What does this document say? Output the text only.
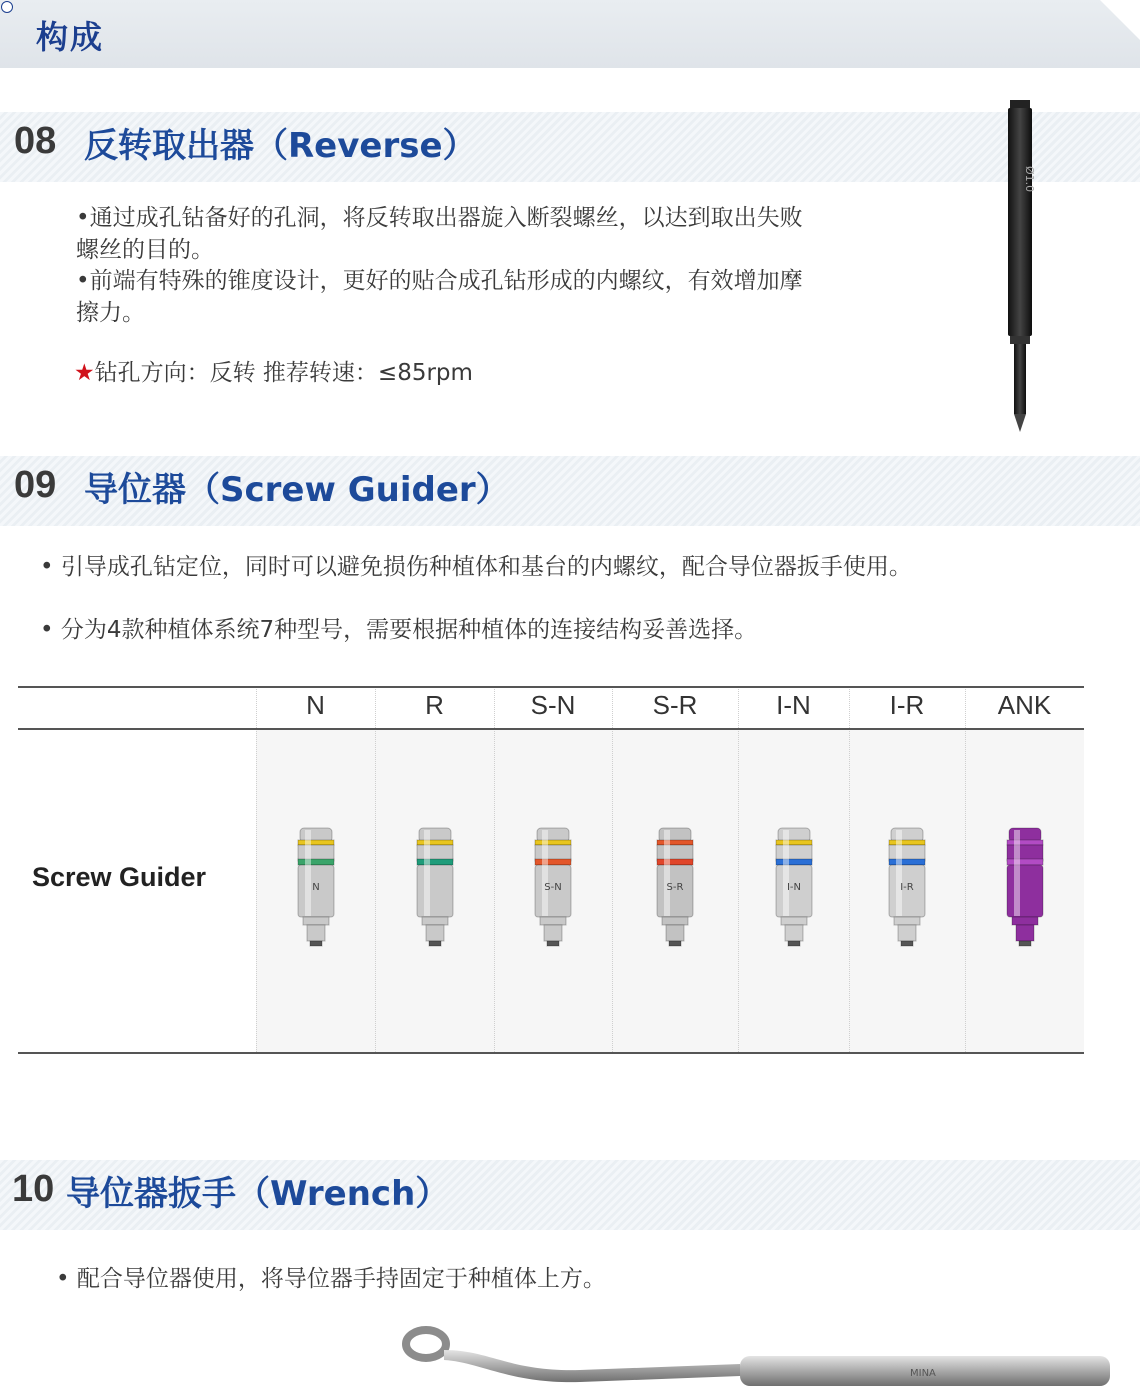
构成
08 反转取出器（Reverse）
•通过成孔钻备好的孔洞，将反转取出器旋入断裂螺丝，以达到取出失败
螺丝的目的。
•前端有特殊的锥度设计，更好的贴合成孔钻形成的内螺纹，有效增加摩
擦力。
★钻孔方向：反转 推荐转速：≤85rpm
Ø1.0
09 导位器（Screw Guider）
• 引导成孔钻定位，同时可以避免损伤种植体和基台的内螺纹，配合导位器扳手使用。
• 分为4款种植体系统7种型号，需要根据种植体的连接结构妥善选择。
N
N
R	S-N
S-N
S-R
S-R
I-N
I-N
I-R
I-R
ANK
Screw Guider
10 导位器扳手（Wrench）
• 配合导位器使用，将导位器手持固定于种植体上方。
MINA
